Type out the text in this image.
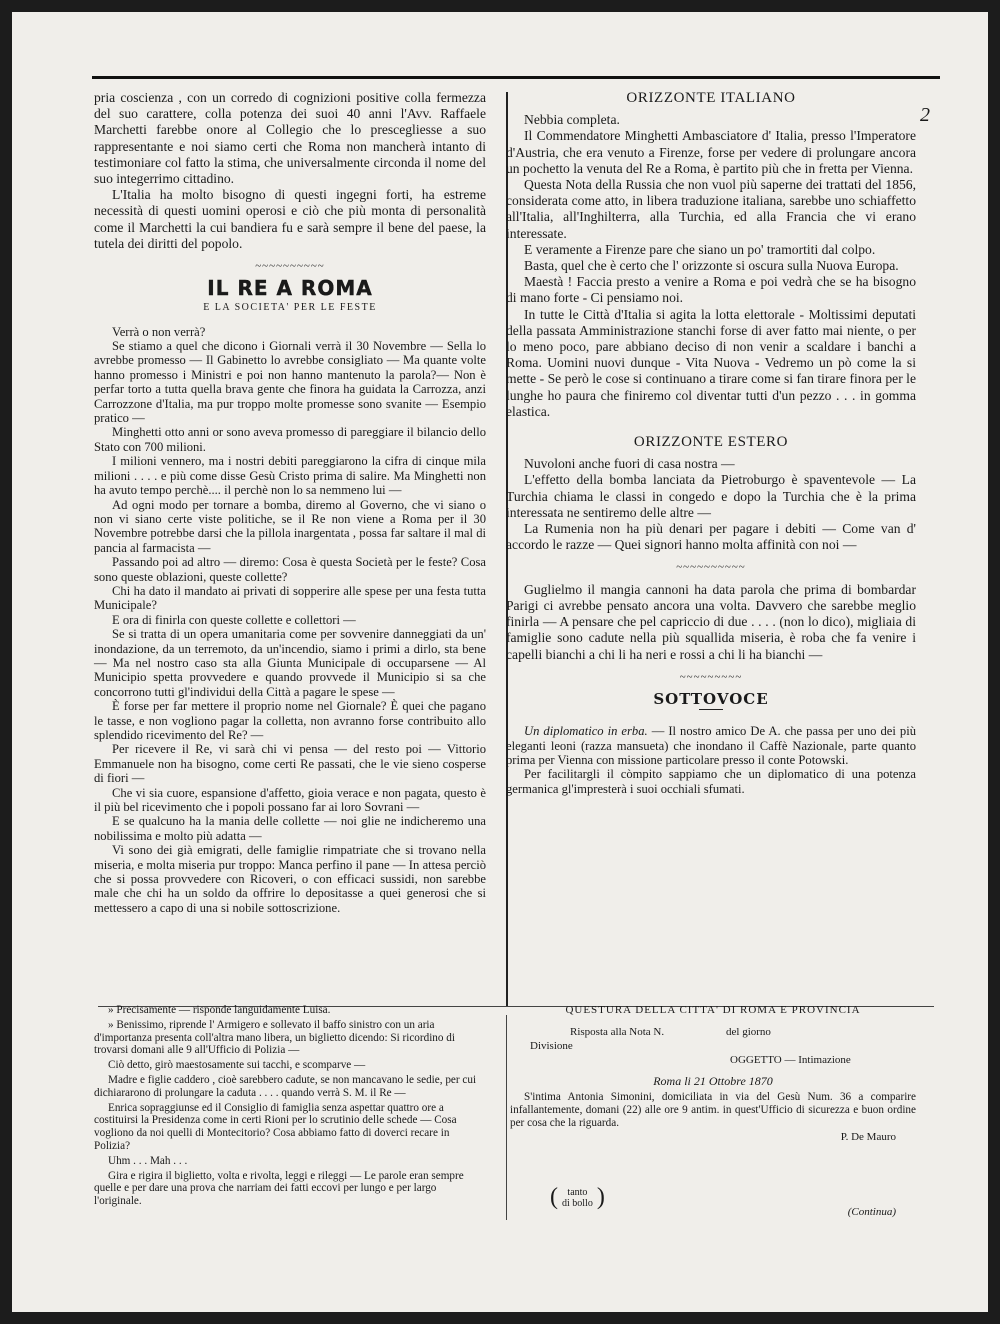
2

pria coscienza , con un corredo di cognizioni positive colla fermezza del suo carattere, colla potenza dei suoi 40 anni l'Avv. Raffaele Marchetti farebbe onore al Collegio che lo prescegliesse a suo rappresentante e noi siamo certi che Roma non mancherà intanto di testimoniare col fatto la stima, che universalmente circonda il nome del suo integerrimo cittadino.

L'Italia ha molto bisogno di questi ingegni forti, ha estreme necessità di questi uomini operosi e ciò che più monta di personalità come il Marchetti la cui bandiera fu e sarà sempre il bene del paese, la tutela dei diritti del popolo.

~~~~~~~~~~
IL RE A ROMA
E LA SOCIETA' PER LE FESTE

Verrà o non verrà?

Se stiamo a quel che dicono i Giornali verrà il 30 Novembre — Sella lo avrebbe promesso — Il Gabinetto lo avrebbe consigliato — Ma quante volte hanno promesso i Ministri e poi non hanno mantenuto la parola?— Non è perfar torto a tutta quella brava gente che finora ha guidata la Carrozza, anzi Carrozzone d'Italia, ma pur troppo molte promesse sono svanite — Esempio pratico —

Minghetti otto anni or sono aveva promesso di pareggiare il bilancio dello Stato con 700 milioni.

I milioni vennero, ma i nostri debiti pareggiarono la cifra di cinque mila milioni . . . . e più come disse Gesù Cristo prima di salire. Ma Minghetti non ha avuto tempo perchè.... il perchè non lo sa nemmeno lui —

Ad ogni modo per tornare a bomba, diremo al Governo, che vi siano o non vi siano certe viste politiche, se il Re non viene a Roma per il 30 Novembre potrebbe darsi che la pillola inargentata , possa far saltare il mal di pancia al farmacista —

Passando poi ad altro — diremo: Cosa è questa Società per le feste? Cosa sono queste oblazioni, queste collette?

Chi ha dato il mandato ai privati di sopperire alle spese per una festa tutta Municipale?

E ora di finirla con queste collette e collettori —

Se si tratta di un opera umanitaria come per sovvenire danneggiati da un' inondazione, da un terremoto, da un'incendio, siamo i primi a dirlo, sta bene — Ma nel nostro caso sta alla Giunta Municipale di occuparsene — Al Municipio spetta provvedere e quando provvede il Municipio si sa che concorrono tutti gl'individui della Città a pagare le spese —

È forse per far mettere il proprio nome nel Giornale? È quei che pagano le tasse, e non vogliono pagar la colletta, non avranno forse contribuito allo splendido ricevimento del Re? —

Per ricevere il Re, vi sarà chi vi pensa — del resto poi — Vittorio Emmanuele non ha bisogno, come certi Re passati, che le vie sieno cosperse di fiori —

Che vi sia cuore, espansione d'affetto, gioia verace e non pagata, questo è il più bel ricevimento che i popoli possano far ai loro Sovrani —

E se qualcuno ha la mania delle collette — noi glie ne indicheremo una nobilissima e molto più adatta —

Vi sono dei già emigrati, delle famiglie rimpatriate che si trovano nella miseria, e molta miseria pur troppo: Manca perfino il pane — In attesa perciò che si possa provvedere con Ricoveri, o con efficaci sussidi, non sarebbe male che chi ha un soldo da offrire lo depositasse a quei generosi che si mettessero a capo di una si nobile sottoscrizione.

ORIZZONTE ITALIANO

Nebbia completa.

Il Commendatore Minghetti Ambasciatore d' Italia, presso l'Imperatore d'Austria, che era venuto a Firenze, forse per vedere di prolungare ancora un pochetto la venuta del Re a Roma, è partito più che in fretta per Vienna.

Questa Nota della Russia che non vuol più saperne dei trattati del 1856, considerata come atto, in libera traduzione italiana, sarebbe uno schiaffetto all'Italia, all'Inghilterra, alla Turchia, ed alla Francia che vi erano interessate.

E veramente a Firenze pare che siano un po' tramortiti dal colpo.

Basta, quel che è certo che l' orizzonte si oscura sulla Nuova Europa.

Maestà ! Faccia presto a venire a Roma e poi vedrà che se ha bisogno di mano forte - Ci pensiamo noi.

In tutte le Città d'Italia si agita la lotta elettorale - Moltissimi deputati della passata Amministrazione stanchi forse di aver fatto mai niente, o per lo meno poco, pare abbiano deciso di non venir a scaldare i banchi a Roma. Uomini nuovi dunque - Vita Nuova - Vedremo un pò come la si mette - Se però le cose si continuano a tirare come si fan tirare finora per le lunghe ho paura che finiremo col diventar tutti d'un pezzo . . . in gomma elastica.

ORIZZONTE ESTERO

Nuvoloni anche fuori di casa nostra —

L'effetto della bomba lanciata da Pietroburgo è spaventevole — La Turchia chiama le classi in congedo e dopo la Turchia che è la prima interessata ne sentiremo delle altre —

La Rumenia non ha più denari per pagare i debiti — Come van d' accordo le razze — Quei signori hanno molta affinità con noi —

~~~~~~~~~~

Guglielmo il mangia cannoni ha data parola che prima di bombardar Parigi ci avrebbe pensato ancora una volta. Davvero che sarebbe meglio finirla — A pensare che pel capriccio di due . . . . (non lo dico), migliaia di famiglie sono cadute nella più squallida miseria, è roba che fa venire i capelli bianchi a chi li ha neri e rossi a chi li ha bianchi —

~~~~~~~~~
SOTTOVOCE

Un diplomatico in erba. — Il nostro amico De A. che passa per uno dei più eleganti leoni (razza mansueta) che inondano il Caffè Nazionale, parte quanto prima per Vienna con missione particolare presso il conte Potowski.

Per facilitargli il còmpito sappiamo che un diplomatico di una potenza germanica gl'impresterà i suoi occhiali sfumati.

» Precisamente — risponde languidamente Luisa.

» Benissimo, riprende l' Armigero e sollevato il baffo sinistro con un aria d'importanza presenta coll'altra mano libera, un biglietto dicendo: Si ricordino di trovarsi domani alle 9 all'Ufficio di Polizia —

Ciò detto, girò maestosamente sui tacchi, e scomparve —

Madre e figlie caddero , cioè sarebbero cadute, se non mancavano le sedie, per cui dichiararono di prolungare la caduta . . . . quando verrà S. M. il Re —

Enrica sopraggiunse ed il Consiglio di famiglia senza aspettar quattro ore a costituirsi la Presidenza come in certi Rioni per lo scrutinio delle schede — Cosa vogliono da noi quelli di Montecitorio? Cosa abbiamo fatto di doverci recare in Polizia?

Uhm . . . Mah . . .

Gira e rigira il biglietto, volta e rivolta, leggi e rileggi — Le parole eran sempre quelle e per dare una prova che narriam dei fatti eccovi per lungo e per largo l'originale.

QUESTURA DELLA CITTA' DI ROMA E PROVINCIA
Risposta alla Nota N.	del giorno
Divisione
OGGETTO — Intimazione
Roma li 21 Ottobre 1870

S'intima Antonia Simonini, domiciliata in via del Gesù Num. 36 a comparire infallantemente, domani (22) alle ore 9 antim. in quest'Ufficio di sicurezza e buon ordine per cosa che la riguarda.

P. De Mauro
( tanto
di bollo )
(Continua)
